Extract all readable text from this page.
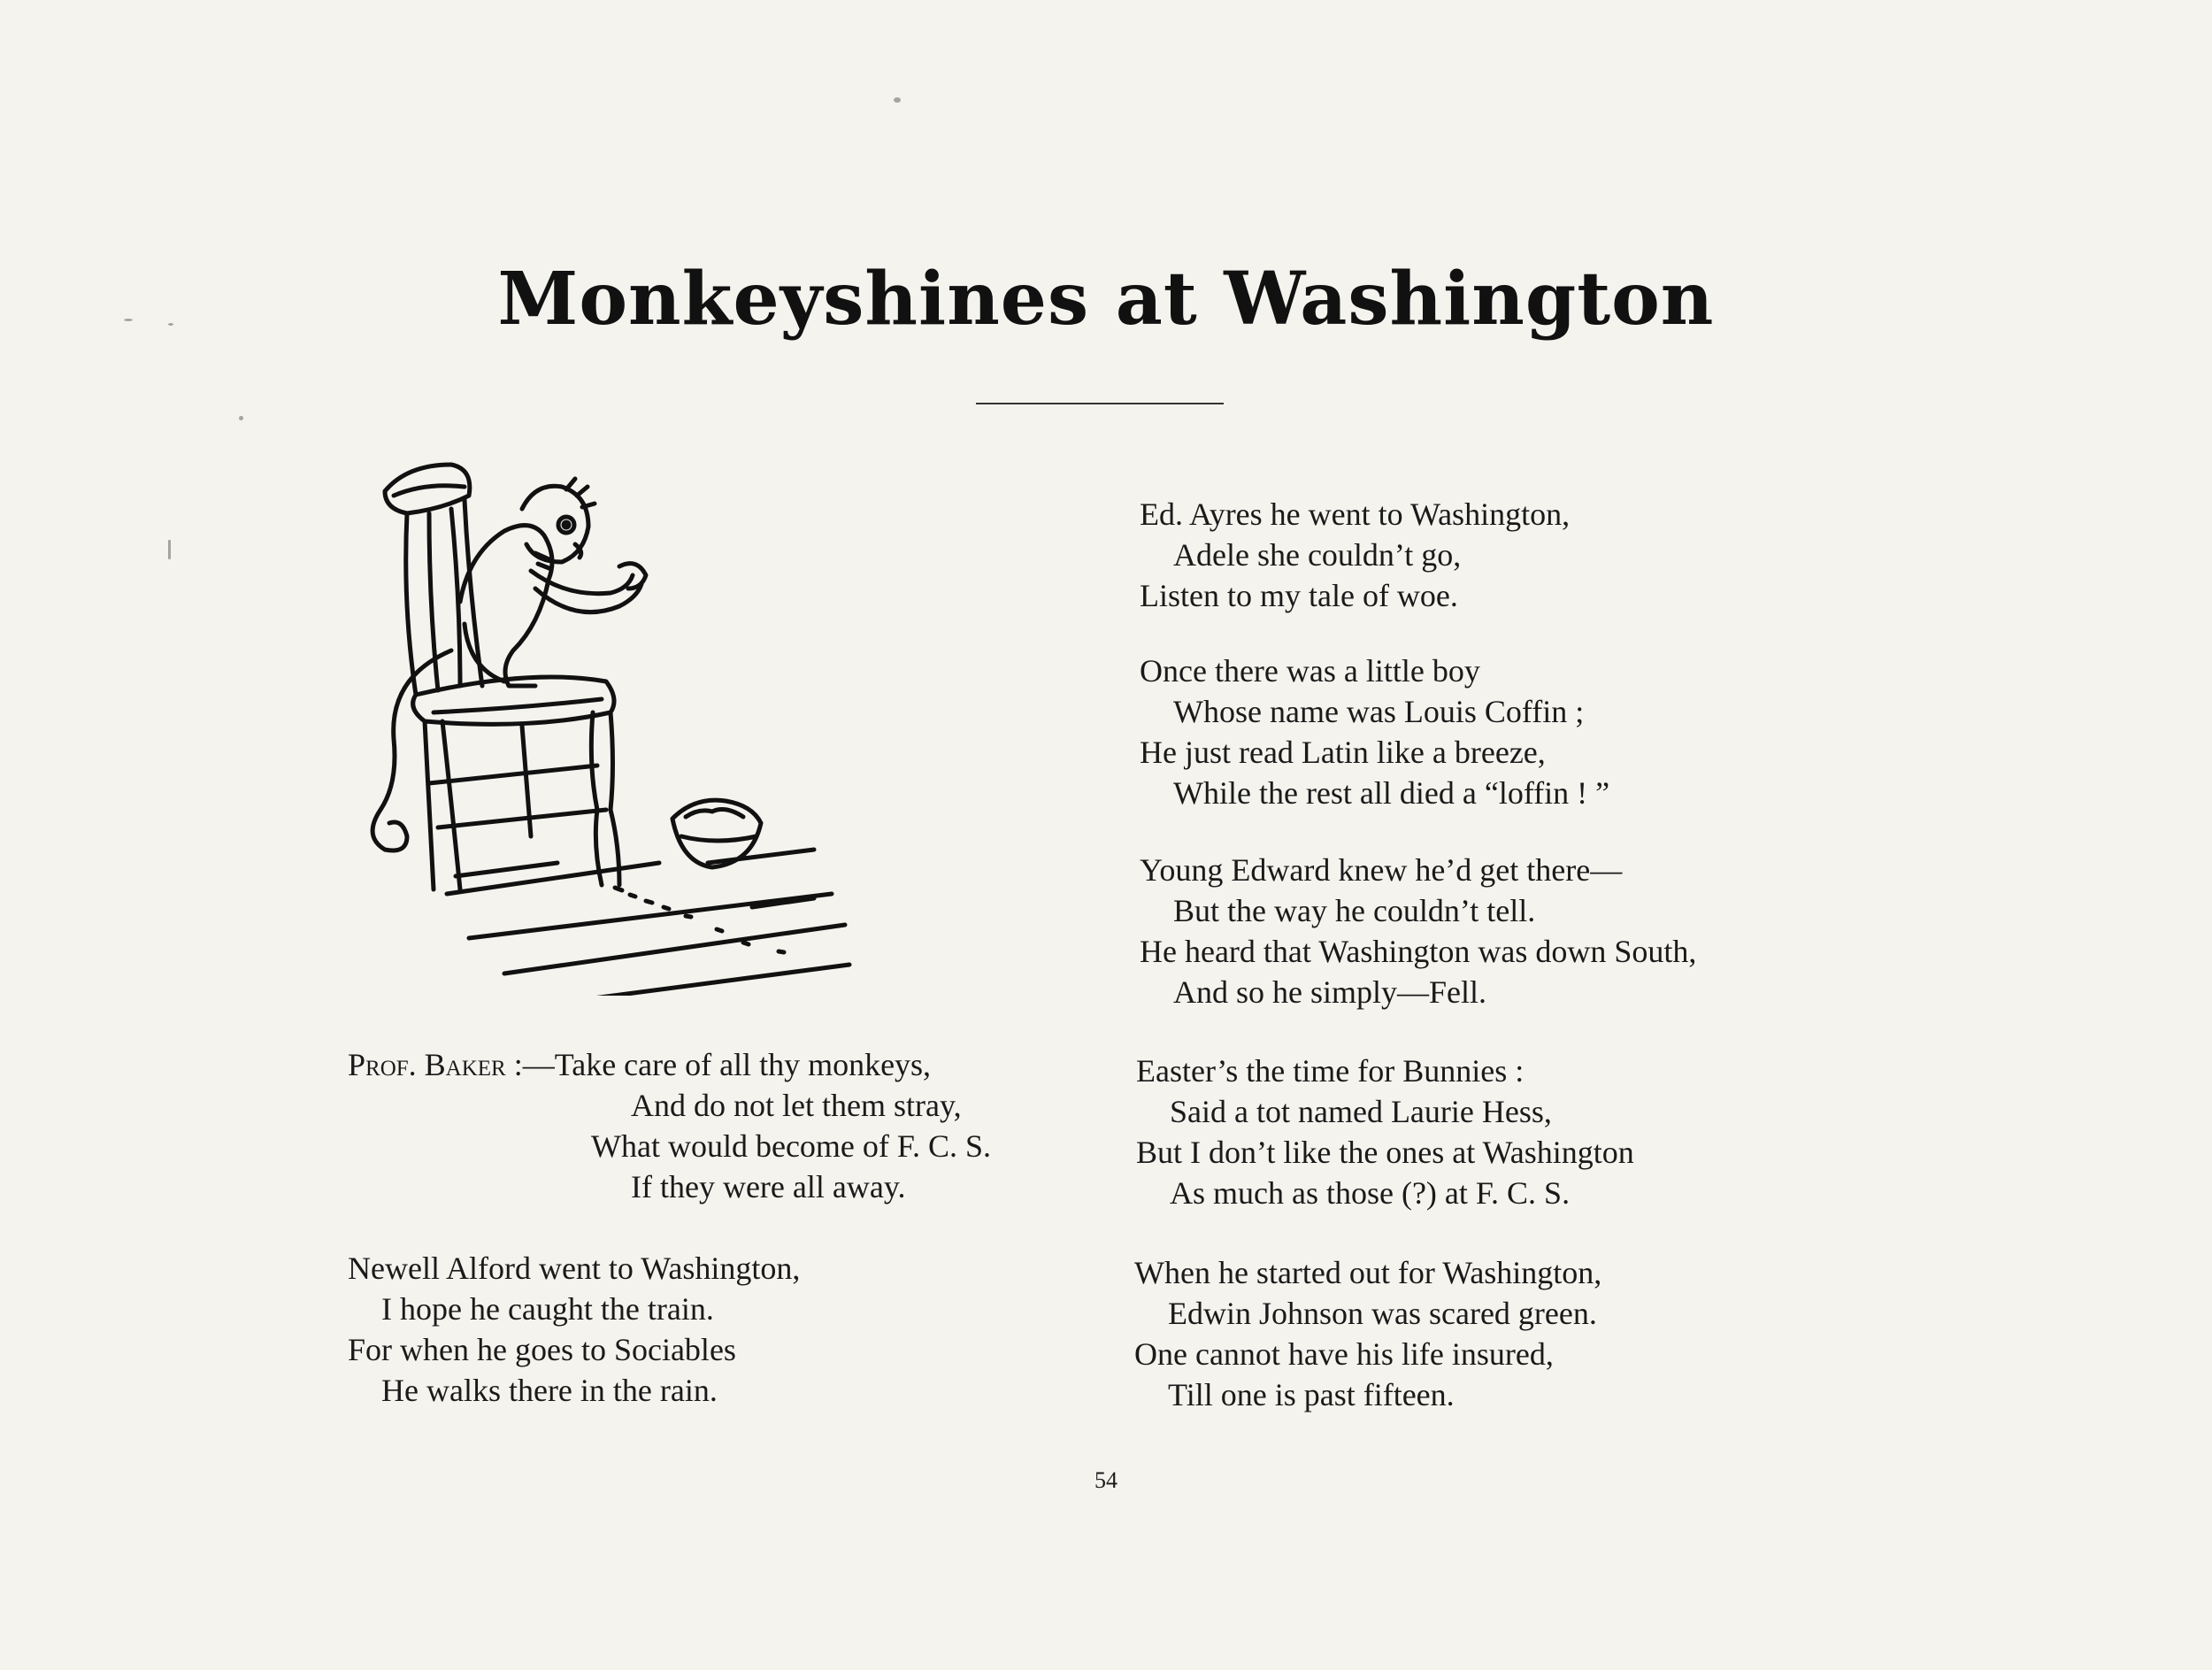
Monkeyshines at Washington
Prof. Baker :—Take care of all thy monkeys,
And do not let them stray,
What would become of F. C. S.
If they were all away.
Newell Alford went to Washington,
I hope he caught the train.
For when he goes to Sociables
He walks there in the rain.
Ed. Ayres he went to Washington,
Adele she couldn’t go,
Listen to my tale of woe.
Once there was a little boy
Whose name was Louis Coffin ;
He just read Latin like a breeze,
While the rest all died a “loffin ! ”
Young Edward knew he’d get there—
But the way he couldn’t tell.
He heard that Washington was down South,
And so he simply—Fell.
Easter’s the time for Bunnies :
Said a tot named Laurie Hess,
But I don’t like the ones at Washington
As much as those (?) at F. C. S.
When he started out for Washington,
Edwin Johnson was scared green.
One cannot have his life insured,
Till one is past fifteen.
54
